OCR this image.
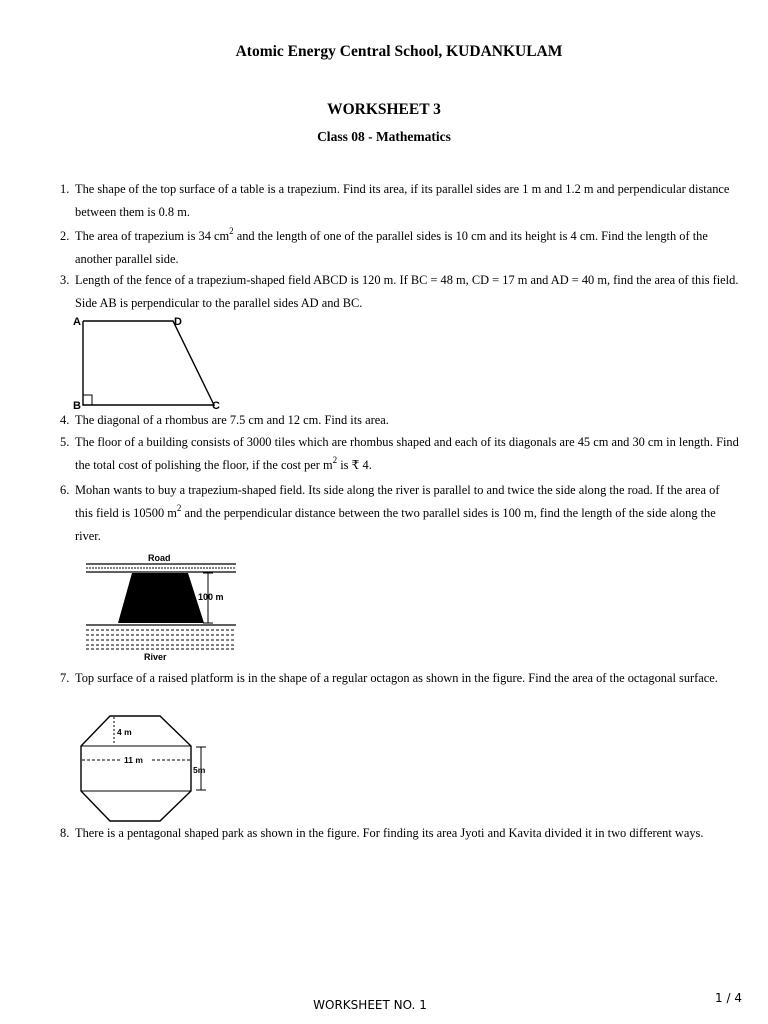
Atomic Energy Central School, KUDANKULAM
WORKSHEET 3
Class 08 - Mathematics
1. The shape of the top surface of a table is a trapezium. Find its area, if its parallel sides are 1 m and 1.2 m and perpendicular distance between them is 0.8 m.
2. The area of trapezium is 34 $cm^2$ and the length of one of the parallel sides is 10 cm and its height is 4 cm. Find the length of the another parallel side.
3. Length of the fence of a trapezium-shaped field ABCD is 120 m. If BC = 48 m, CD = 17 m and AD = 40 m, find the area of this field. Side AB is perpendicular to the parallel sides AD and BC.
A	D
B	C
4. The diagonal of a rhombus are 7.5 cm and 12 cm. Find its area.
5. The floor of a building consists of 3000 tiles which are rhombus shaped and each of its diagonals are 45 cm and 30 cm in length. Find the total cost of polishing the floor, if the cost per $m^2$ is ₹ 4.
6. Mohan wants to buy a trapezium-shaped field. Its side along the river is parallel to and twice the side along the road. If the area of this field is 10500 $m^2$ and the perpendicular distance between the two parallel sides is 100 m, find the length of the side along the river.
Road
100 m
River
7. Top surface of a raised platform is in the shape of a regular octagon as shown in the figure. Find the area of the octagonal surface.
4 m
11 m
5m
8. There is a pentagonal shaped park as shown in the figure. For finding its area Jyoti and Kavita divided it in two different ways.
WORKSHEET NO. 1	1 / 4
